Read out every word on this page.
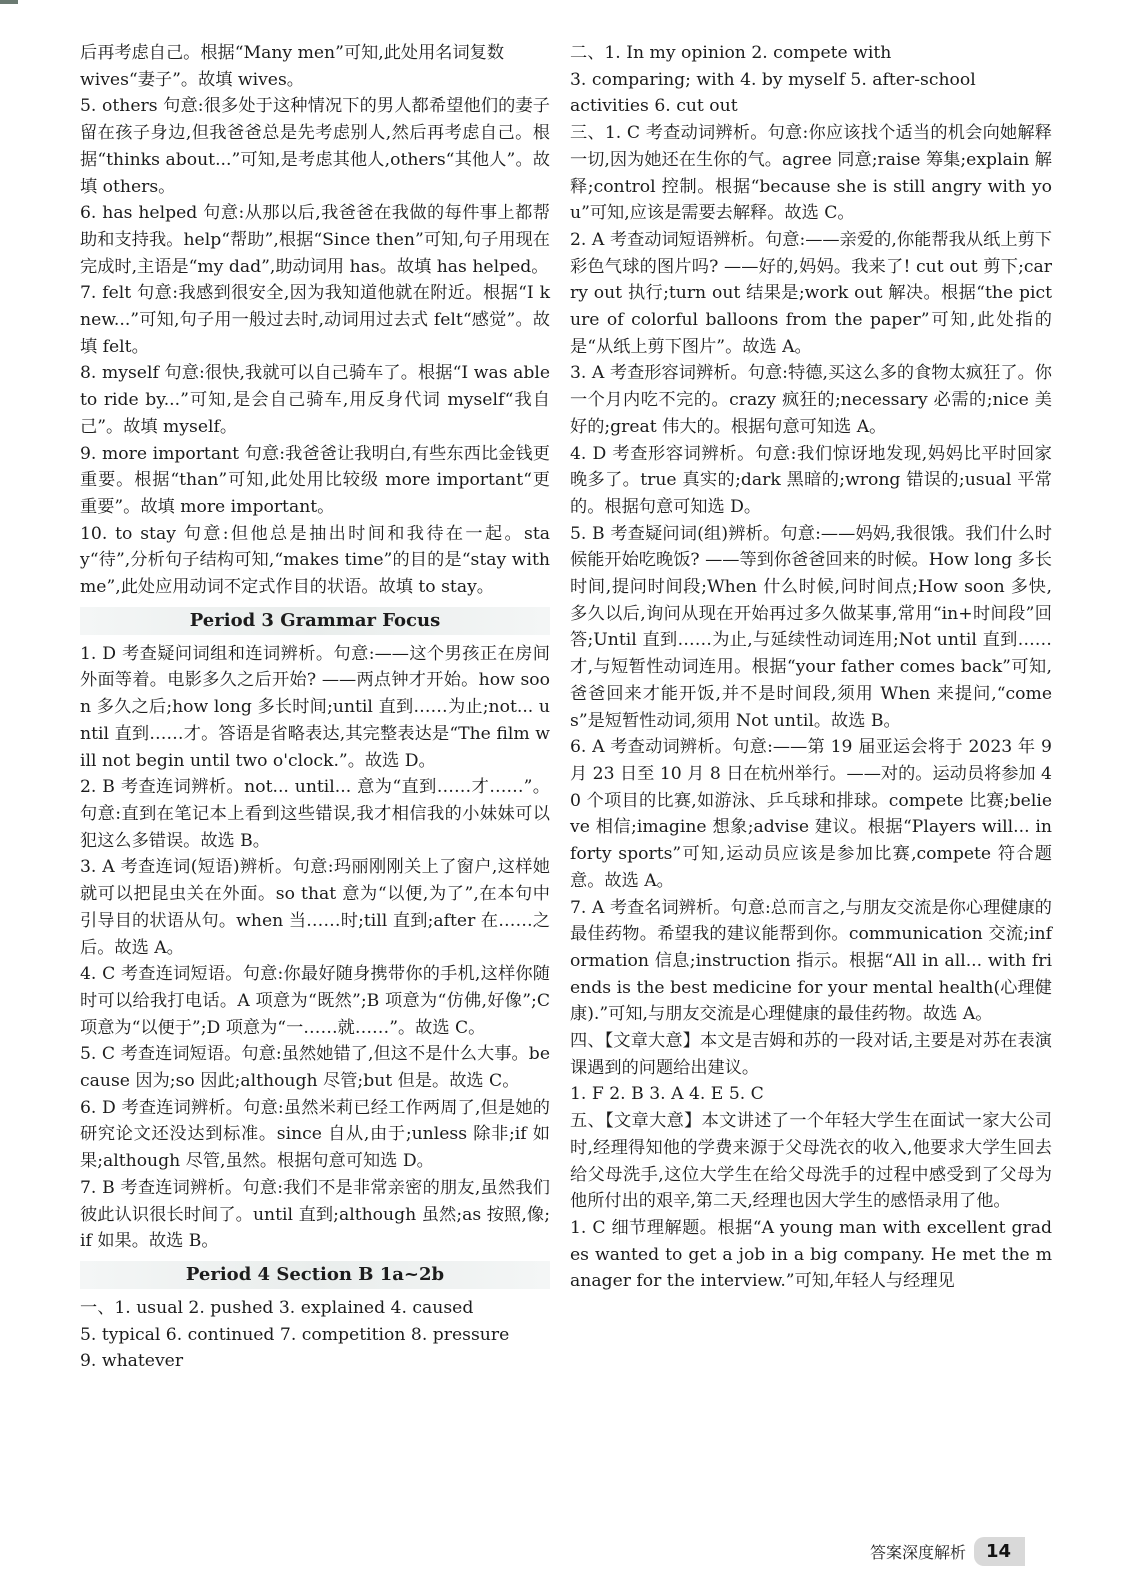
后再考虑自己。根据“Many men”可知,此处用名词复数 wives“妻子”。故填 wives。
5. others 句意:很多处于这种情况下的男人都希望他们的妻子留在孩子身边,但我爸爸总是先考虑别人,然后再考虑自己。根据“thinks about...”可知,是考虑其他人,others“其他人”。故填 others。
6. has helped 句意:从那以后,我爸爸在我做的每件事上都帮助和支持我。help“帮助”,根据“Since then”可知,句子用现在完成时,主语是“my dad”,助动词用 has。故填 has helped。
7. felt 句意:我感到很安全,因为我知道他就在附近。根据“I knew...”可知,句子用一般过去时,动词用过去式 felt“感觉”。故填 felt。
8. myself 句意:很快,我就可以自己骑车了。根据“I was able to ride by...”可知,是会自己骑车,用反身代词 myself“我自己”。故填 myself。
9. more important 句意:我爸爸让我明白,有些东西比金钱更重要。根据“than”可知,此处用比较级 more important“更重要”。故填 more important。
10. to stay 句意:但他总是抽出时间和我待在一起。stay“待”,分析句子结构可知,“makes time”的目的是“stay with me”,此处应用动词不定式作目的状语。故填 to stay。
Period 3 Grammar Focus
1. D 考查疑问词组和连词辨析。句意:——这个男孩正在房间外面等着。电影多久之后开始? ——两点钟才开始。how soon 多久之后;how long 多长时间;until 直到……为止;not... until 直到……才。答语是省略表达,其完整表达是“The film will not begin until two o'clock.”。故选 D。
2. B 考查连词辨析。not... until... 意为“直到……才……”。句意:直到在笔记本上看到这些错误,我才相信我的小妹妹可以犯这么多错误。故选 B。
3. A 考查连词(短语)辨析。句意:玛丽刚刚关上了窗户,这样她就可以把昆虫关在外面。so that 意为“以便,为了”,在本句中引导目的状语从句。when 当……时;till 直到;after 在……之后。故选 A。
4. C 考查连词短语。句意:你最好随身携带你的手机,这样你随时可以给我打电话。A 项意为“既然”;B 项意为“仿佛,好像”;C 项意为“以便于”;D 项意为“一……就……”。故选 C。
5. C 考查连词短语。句意:虽然她错了,但这不是什么大事。because 因为;so 因此;although 尽管;but 但是。故选 C。
6. D 考查连词辨析。句意:虽然米莉已经工作两周了,但是她的研究论文还没达到标准。since 自从,由于;unless 除非;if 如果;although 尽管,虽然。根据句意可知选 D。
7. B 考查连词辨析。句意:我们不是非常亲密的朋友,虽然我们彼此认识很长时间了。until 直到;although 虽然;as 按照,像;if 如果。故选 B。
Period 4 Section B 1a~2b
一、1. usual 2. pushed 3. explained 4. caused
5. typical 6. continued 7. competition 8. pressure
9. whatever
二、1. In my opinion 2. compete with
3. comparing; with 4. by myself 5. after-school activities 6. cut out
三、1. C 考查动词辨析。句意:你应该找个适当的机会向她解释一切,因为她还在生你的气。agree 同意;raise 筹集;explain 解释;control 控制。根据“because she is still angry with you”可知,应该是需要去解释。故选 C。
2. A 考查动词短语辨析。句意:——亲爱的,你能帮我从纸上剪下彩色气球的图片吗? ——好的,妈妈。我来了! cut out 剪下;carry out 执行;turn out 结果是;work out 解决。根据“the picture of colorful balloons from the paper”可知,此处指的是“从纸上剪下图片”。故选 A。
3. A 考查形容词辨析。句意:特德,买这么多的食物太疯狂了。你一个月内吃不完的。crazy 疯狂的;necessary 必需的;nice 美好的;great 伟大的。根据句意可知选 A。
4. D 考查形容词辨析。句意:我们惊讶地发现,妈妈比平时回家晚多了。true 真实的;dark 黑暗的;wrong 错误的;usual 平常的。根据句意可知选 D。
5. B 考查疑问词(组)辨析。句意:——妈妈,我很饿。我们什么时候能开始吃晚饭? ——等到你爸爸回来的时候。How long 多长时间,提问时间段;When 什么时候,问时间点;How soon 多快,多久以后,询问从现在开始再过多久做某事,常用“in+时间段”回答;Until 直到……为止,与延续性动词连用;Not until 直到……才,与短暂性动词连用。根据“your father comes back”可知,爸爸回来才能开饭,并不是时间段,须用 When 来提问,“comes”是短暂性动词,须用 Not until。故选 B。
6. A 考查动词辨析。句意:——第 19 届亚运会将于 2023 年 9 月 23 日至 10 月 8 日在杭州举行。——对的。运动员将参加 40 个项目的比赛,如游泳、乒乓球和排球。compete 比赛;believe 相信;imagine 想象;advise 建议。根据“Players will... in forty sports”可知,运动员应该是参加比赛,compete 符合题意。故选 A。
7. A 考查名词辨析。句意:总而言之,与朋友交流是你心理健康的最佳药物。希望我的建议能帮到你。communication 交流;information 信息;instruction 指示。根据“All in all... with friends is the best medicine for your mental health(心理健康).”可知,与朋友交流是心理健康的最佳药物。故选 A。
四、【文章大意】本文是吉姆和苏的一段对话,主要是对苏在表演课遇到的问题给出建议。
1. F 2. B 3. A 4. E 5. C
五、【文章大意】本文讲述了一个年轻大学生在面试一家大公司时,经理得知他的学费来源于父母洗衣的收入,他要求大学生回去给父母洗手,这位大学生在给父母洗手的过程中感受到了父母为他所付出的艰辛,第二天,经理也因大学生的感悟录用了他。
1. C 细节理解题。根据“A young man with excellent grades wanted to get a job in a big company. He met the manager for the interview.”可知,年轻人与经理见
答案深度解析	14
